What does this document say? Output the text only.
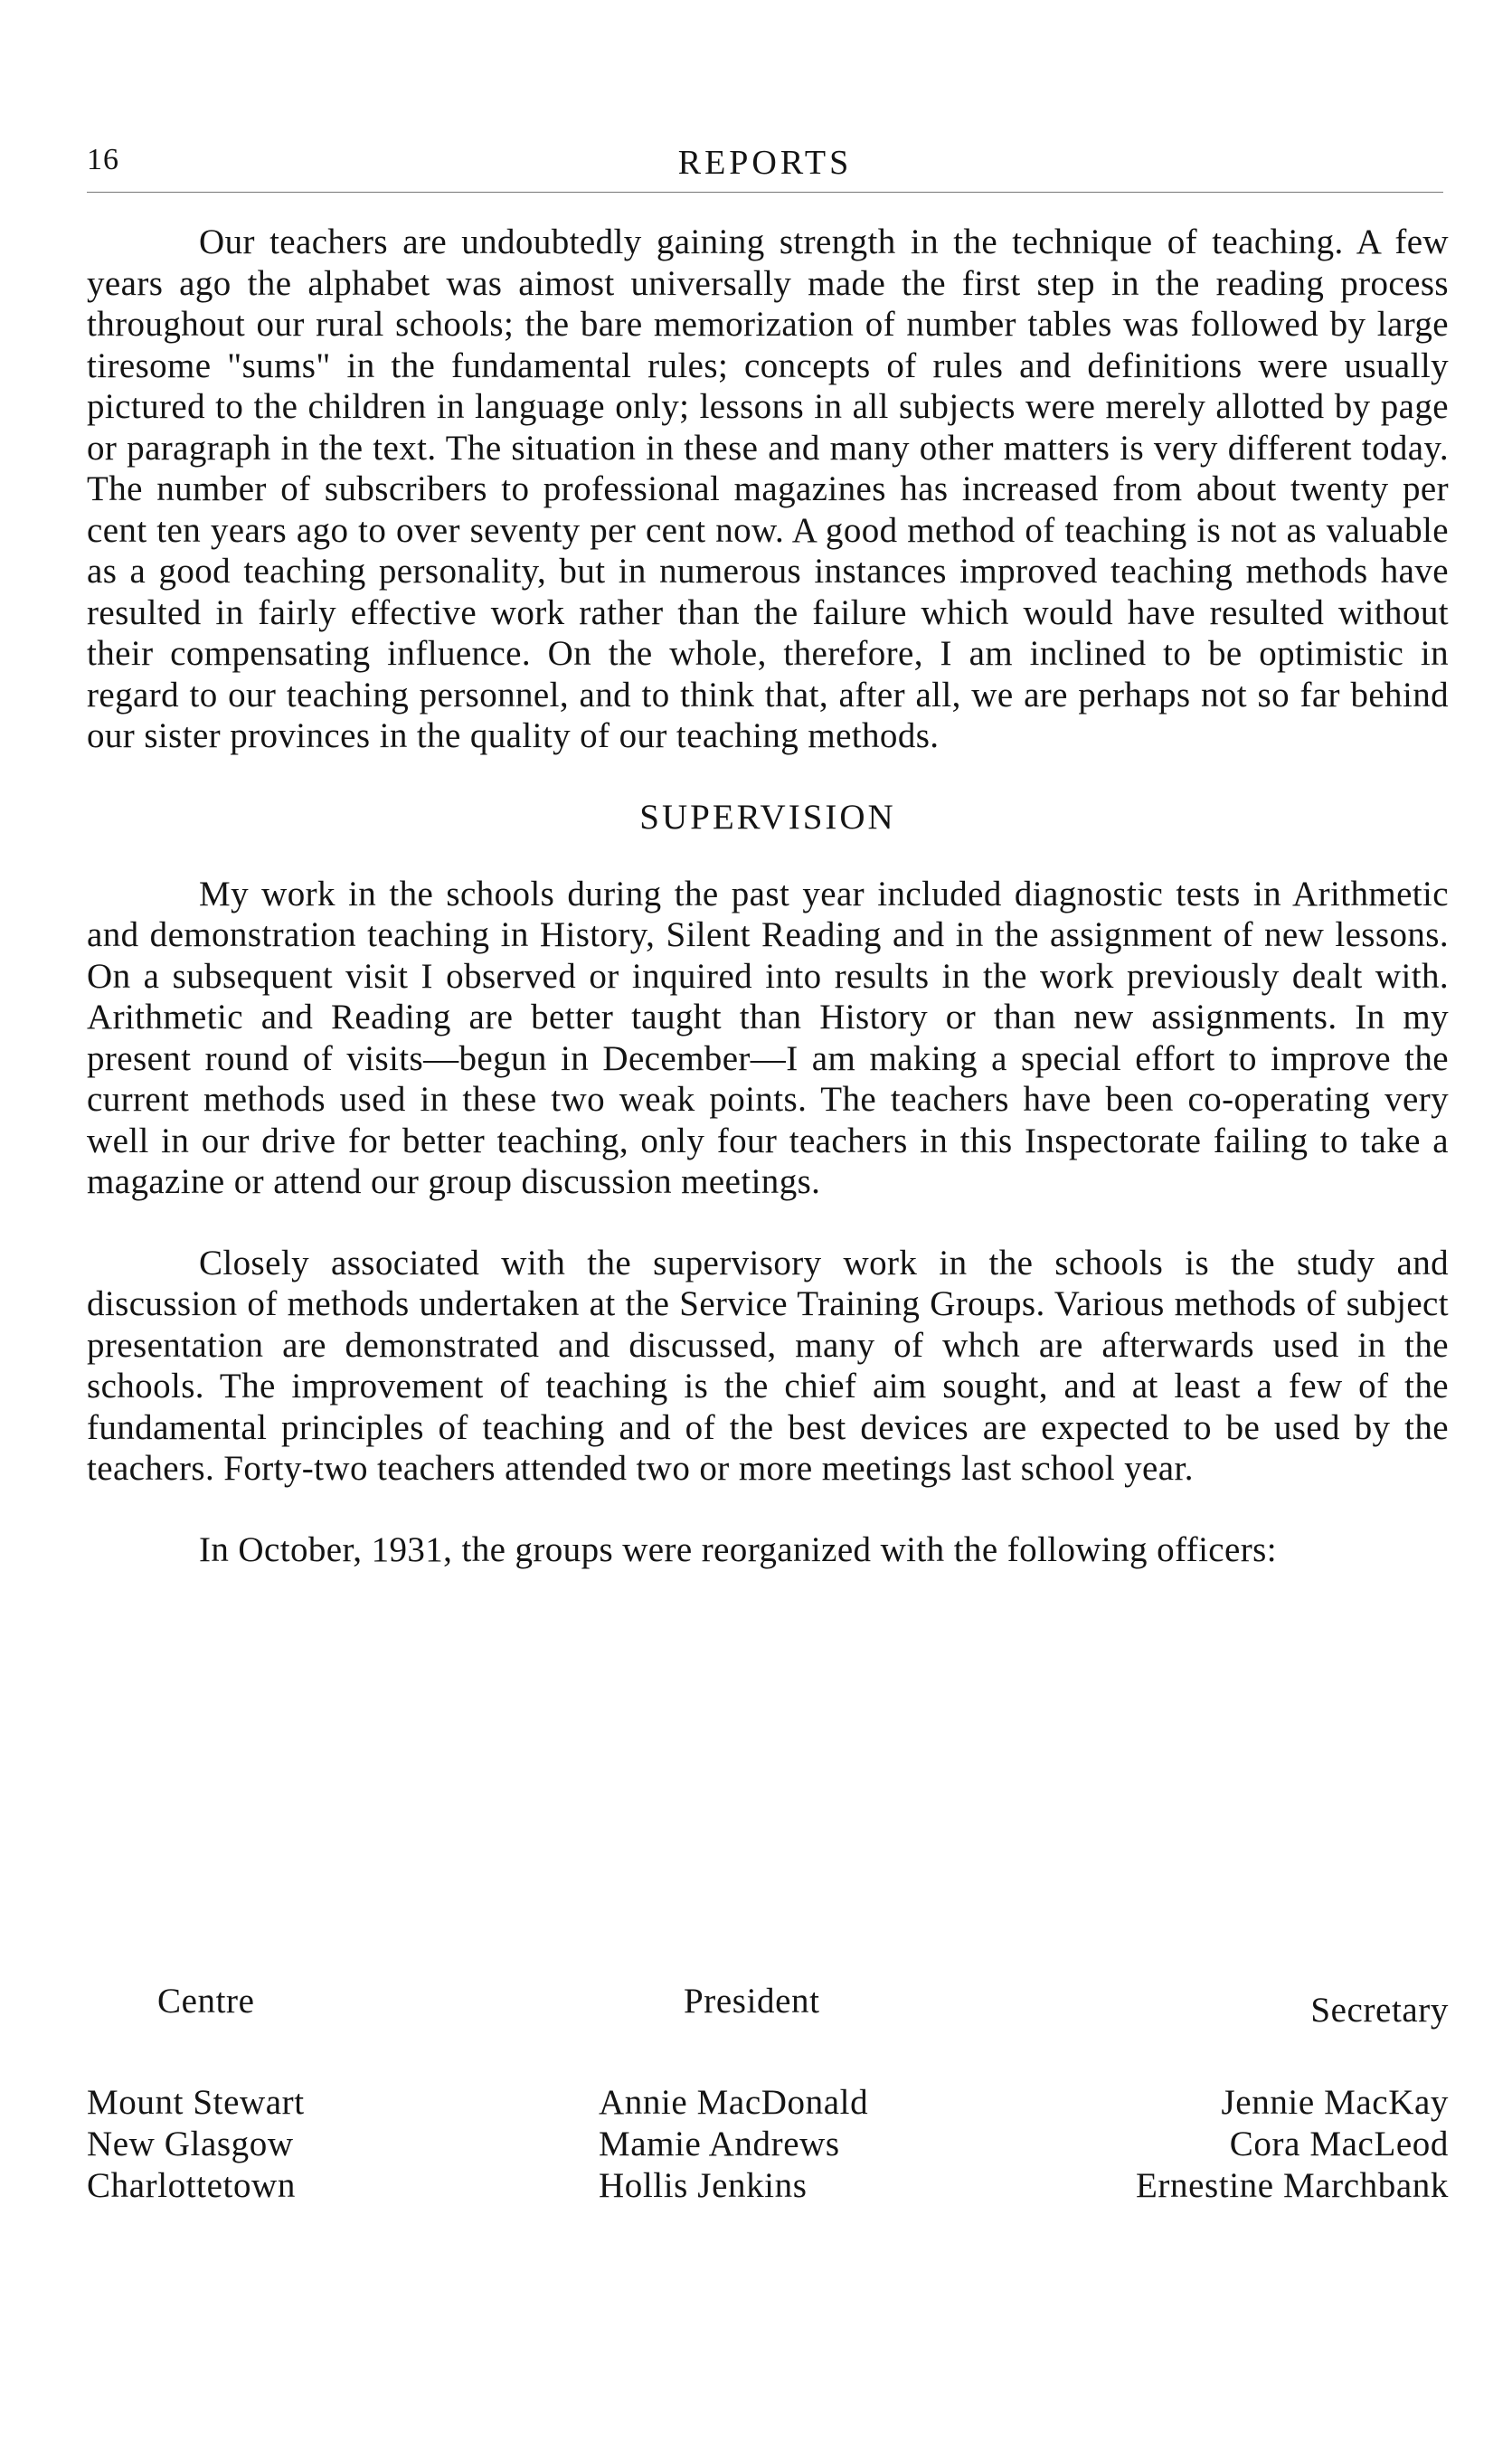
16	REPORTS

Our teachers are undoubtedly gaining strength in the technique of teaching. A few years ago the alphabet was aimost universally made the first step in the reading process throughout our rural schools; the bare memorization of number tables was followed by large tiresome "sums" in the fundamental rules; concepts of rules and definitions were usually pictured to the children in language only; lessons in all subjects were merely allotted by page or paragraph in the text. The situation in these and many other matters is very different today. The number of subscribers to professional magazines has increased from about twenty per cent ten years ago to over seventy per cent now. A good method of teaching is not as valuable as a good teaching personality, but in numerous instances improved teaching methods have resulted in fairly effective work rather than the failure which would have resulted without their compensating influence. On the whole, therefore, I am inclined to be optimistic in regard to our teaching personnel, and to think that, after all, we are perhaps not so far behind our sister provinces in the quality of our teaching methods.

SUPERVISION

My work in the schools during the past year included diagnostic tests in Arithmetic and demonstration teaching in History, Silent Reading and in the assignment of new lessons. On a subsequent visit I observed or inquired into results in the work previously dealt with. Arithmetic and Reading are better taught than History or than new assignments. In my present round of visits—begun in December—I am making a special effort to improve the current methods used in these two weak points. The teachers have been co-operating very well in our drive for better teaching, only four teachers in this Inspectorate failing to take a magazine or attend our group discussion meetings.

Closely associated with the supervisory work in the schools is the study and discussion of methods undertaken at the Service Training Groups. Various methods of subject presentation are demonstrated and discussed, many of whch are afterwards used in the schools. The improvement of teaching is the chief aim sought, and at least a few of the fundamental principles of teaching and of the best devices are expected to be used by the teachers. Forty-two teachers attended two or more meetings last school year.

In October, 1931, the groups were reorganized with the following officers:

Centre	President	Secretary
Mount Stewart	Annie MacDonald	Jennie MacKay
New Glasgow	Mamie Andrews	Cora MacLeod
Charlottetown	Hollis Jenkins	Ernestine Marchbank
